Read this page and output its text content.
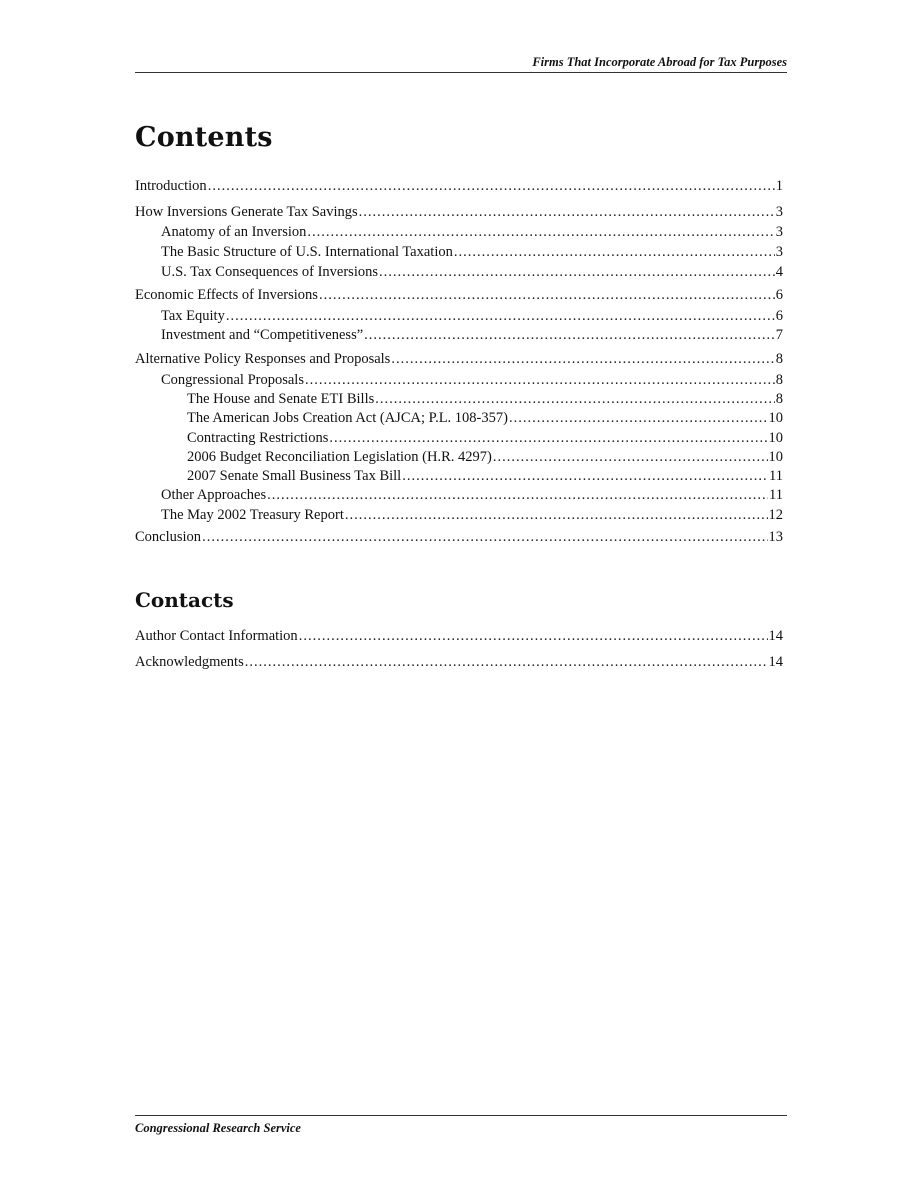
Firms That Incorporate Abroad for Tax Purposes
Contents
Introduction .....	1
How Inversions Generate Tax Savings .....	3
Anatomy of an Inversion .....	3
The Basic Structure of U.S. International Taxation .....	3
U.S. Tax Consequences of Inversions .....	4
Economic Effects of Inversions .....	6
Tax Equity .....	6
Investment and “Competitiveness” .....	7
Alternative Policy Responses and Proposals .....	8
Congressional Proposals .....	8
The House and Senate ETI Bills .....	8
The American Jobs Creation Act (AJCA; P.L. 108-357) .....	10
Contracting Restrictions .....	10
2006 Budget Reconciliation Legislation (H.R. 4297) .....	10
2007 Senate Small Business Tax Bill .....	11
Other Approaches .....	11
The May 2002 Treasury Report .....	12
Conclusion .....	13
Contacts
Author Contact Information .....	14
Acknowledgments .....	14
Congressional Research Service
